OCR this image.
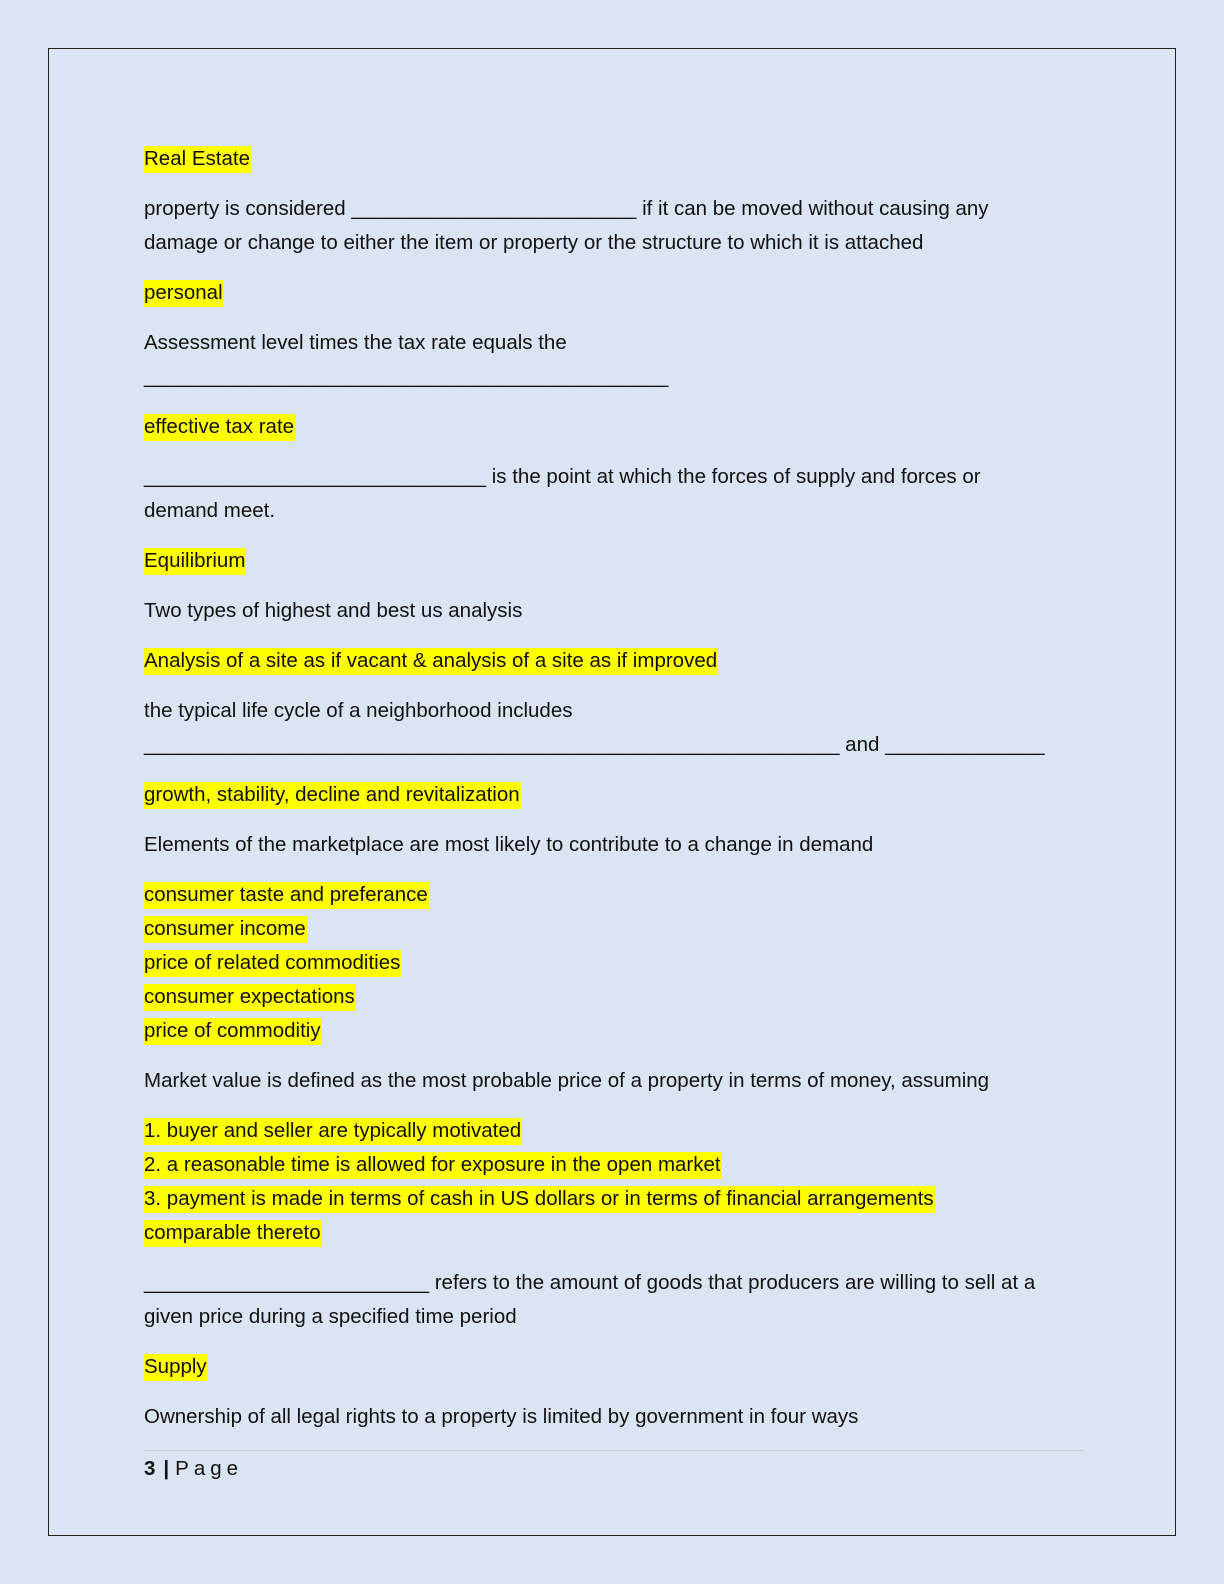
Real Estate

property is considered _________________________ if it can be moved without causing any
damage or change to either the item or property or the structure to which it is attached

personal

Assessment level times the tax rate equals the
______________________________________________

effective tax rate

______________________________ is the point at which the forces of supply and forces or
demand meet.

Equilibrium

Two types of highest and best us analysis

Analysis of a site as if vacant & analysis of a site as if improved

the typical life cycle of a neighborhood includes
_____________________________________________________________ and ______________

growth, stability, decline and revitalization

Elements of the marketplace are most likely to contribute to a change in demand

consumer taste and preferance
consumer income
price of related commodities
consumer expectations
price of commoditiy

Market value is defined as the most probable price of a property in terms of money, assuming

1. buyer and seller are typically motivated
2. a reasonable time is allowed for exposure in the open market
3. payment is made in terms of cash in US dollars or in terms of financial arrangements
comparable thereto

_________________________ refers to the amount of goods that producers are willing to sell at a
given price during a specified time period

Supply

Ownership of all legal rights to a property is limited by government in four ways

3 | Page
